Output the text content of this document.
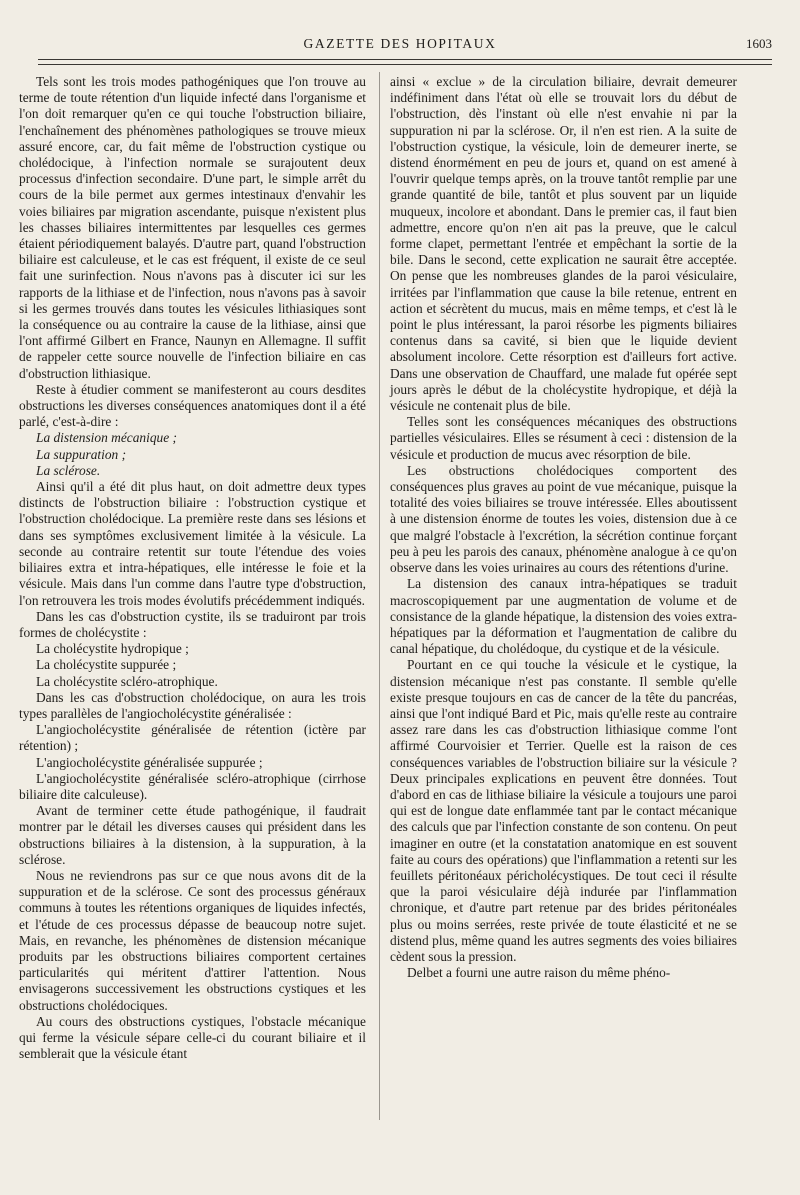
GAZETTE DES HOPITAUX	1603

Tels sont les trois modes pathogéniques que l'on trouve au terme de toute rétention d'un liquide infecté dans l'organisme et l'on doit remarquer qu'en ce qui touche l'obstruction biliaire, l'enchaînement des phénomènes pathologiques se trouve mieux assuré encore, car, du fait même de l'obstruction cystique ou cholédocique, à l'infection normale se surajoutent deux processus d'infection secondaire. D'une part, le simple arrêt du cours de la bile permet aux germes intestinaux d'envahir les voies biliaires par migration ascendante, puisque n'existent plus les chasses biliaires intermittentes par lesquelles ces germes étaient périodiquement balayés. D'autre part, quand l'obstruction biliaire est calculeuse, et le cas est fréquent, il existe de ce seul fait une surinfection. Nous n'avons pas à discuter ici sur les rapports de la lithiase et de l'infection, nous n'avons pas à savoir si les germes trouvés dans toutes les vésicules lithiasiques sont la conséquence ou au contraire la cause de la lithiase, ainsi que l'ont affirmé Gilbert en France, Naunyn en Allemagne. Il suffit de rappeler cette source nouvelle de l'infection biliaire en cas d'obstruction lithiasique.

Reste à étudier comment se manifesteront au cours desdites obstructions les diverses conséquences anatomiques dont il a été parlé, c'est-à-dire :

La distension mécanique ;

La suppuration ;

La sclérose.

Ainsi qu'il a été dit plus haut, on doit admettre deux types distincts de l'obstruction biliaire : l'obstruction cystique et l'obstruction cholédocique. La première reste dans ses lésions et dans ses symptômes exclusivement limitée à la vésicule. La seconde au contraire retentit sur toute l'étendue des voies biliaires extra et intra-hépatiques, elle intéresse le foie et la vésicule. Mais dans l'un comme dans l'autre type d'obstruction, l'on retrouvera les trois modes évolutifs précédemment indiqués.

Dans les cas d'obstruction cystite, ils se traduiront par trois formes de cholécystite :

La cholécystite hydropique ;

La cholécystite suppurée ;

La cholécystite scléro-atrophique.

Dans les cas d'obstruction cholédocique, on aura les trois types parallèles de l'angiocholécystite généralisée :

L'angiocholécystite généralisée de rétention (ictère par rétention) ;

L'angiocholécystite généralisée suppurée ;

L'angiocholécystite généralisée scléro-atrophique (cirrhose biliaire dite calculeuse).

Avant de terminer cette étude pathogénique, il faudrait montrer par le détail les diverses causes qui président dans les obstructions biliaires à la distension, à la suppuration, à la sclérose.

Nous ne reviendrons pas sur ce que nous avons dit de la suppuration et de la sclérose. Ce sont des processus généraux communs à toutes les rétentions organiques de liquides infectés, et l'étude de ces processus dépasse de beaucoup notre sujet. Mais, en revanche, les phénomènes de distension mécanique produits par les obstructions biliaires comportent certaines particularités qui méritent d'attirer l'attention. Nous envisagerons successivement les obstructions cystiques et les obstructions cholédociques.

Au cours des obstructions cystiques, l'obstacle mécanique qui ferme la vésicule sépare celle-ci du courant biliaire et il semblerait que la vésicule étant

ainsi « exclue » de la circulation biliaire, devrait demeurer indéfiniment dans l'état où elle se trouvait lors du début de l'obstruction, dès l'instant où elle n'est envahie ni par la suppuration ni par la sclérose. Or, il n'en est rien. A la suite de l'obstruction cystique, la vésicule, loin de demeurer inerte, se distend énormément en peu de jours et, quand on est amené à l'ouvrir quelque temps après, on la trouve tantôt remplie par une grande quantité de bile, tantôt et plus souvent par un liquide muqueux, incolore et abondant. Dans le premier cas, il faut bien admettre, encore qu'on n'en ait pas la preuve, que le calcul forme clapet, permettant l'entrée et empêchant la sortie de la bile. Dans le second, cette explication ne saurait être acceptée. On pense que les nombreuses glandes de la paroi vésiculaire, irritées par l'inflammation que cause la bile retenue, entrent en action et sécrètent du mucus, mais en même temps, et c'est là le point le plus intéressant, la paroi résorbe les pigments biliaires contenus dans sa cavité, si bien que le liquide devient absolument incolore. Cette résorption est d'ailleurs fort active. Dans une observation de Chauffard, une malade fut opérée sept jours après le début de la cholécystite hydropique, et déjà la vésicule ne contenait plus de bile.

Telles sont les conséquences mécaniques des obstructions partielles vésiculaires. Elles se résument à ceci : distension de la vésicule et production de mucus avec résorption de bile.

Les obstructions cholédociques comportent des conséquences plus graves au point de vue mécanique, puisque la totalité des voies biliaires se trouve intéressée. Elles aboutissent à une distension énorme de toutes les voies, distension due à ce que malgré l'obstacle à l'excrétion, la sécrétion continue forçant peu à peu les parois des canaux, phénomène analogue à ce qu'on observe dans les voies urinaires au cours des rétentions d'urine.

La distension des canaux intra-hépatiques se traduit macroscopiquement par une augmentation de volume et de consistance de la glande hépatique, la distension des voies extra-hépatiques par la déformation et l'augmentation de calibre du canal hépatique, du cholédoque, du cystique et de la vésicule.

Pourtant en ce qui touche la vésicule et le cystique, la distension mécanique n'est pas constante. Il semble qu'elle existe presque toujours en cas de cancer de la tête du pancréas, ainsi que l'ont indiqué Bard et Pic, mais qu'elle reste au contraire assez rare dans les cas d'obstruction lithiasique comme l'ont affirmé Courvoisier et Terrier. Quelle est la raison de ces conséquences variables de l'obstruction biliaire sur la vésicule ? Deux principales explications en peuvent être données. Tout d'abord en cas de lithiase biliaire la vésicule a toujours une paroi qui est de longue date enflammée tant par le contact mécanique des calculs que par l'infection constante de son contenu. On peut imaginer en outre (et la constatation anatomique en est souvent faite au cours des opérations) que l'inflammation a retenti sur les feuillets péritonéaux péricholécystiques. De tout ceci il résulte que la paroi vésiculaire déjà indurée par l'inflammation chronique, et d'autre part retenue par des brides péritonéales plus ou moins serrées, reste privée de toute élasticité et ne se distend plus, même quand les autres segments des voies biliaires cèdent sous la pression.

Delbet a fourni une autre raison du même phéno-
